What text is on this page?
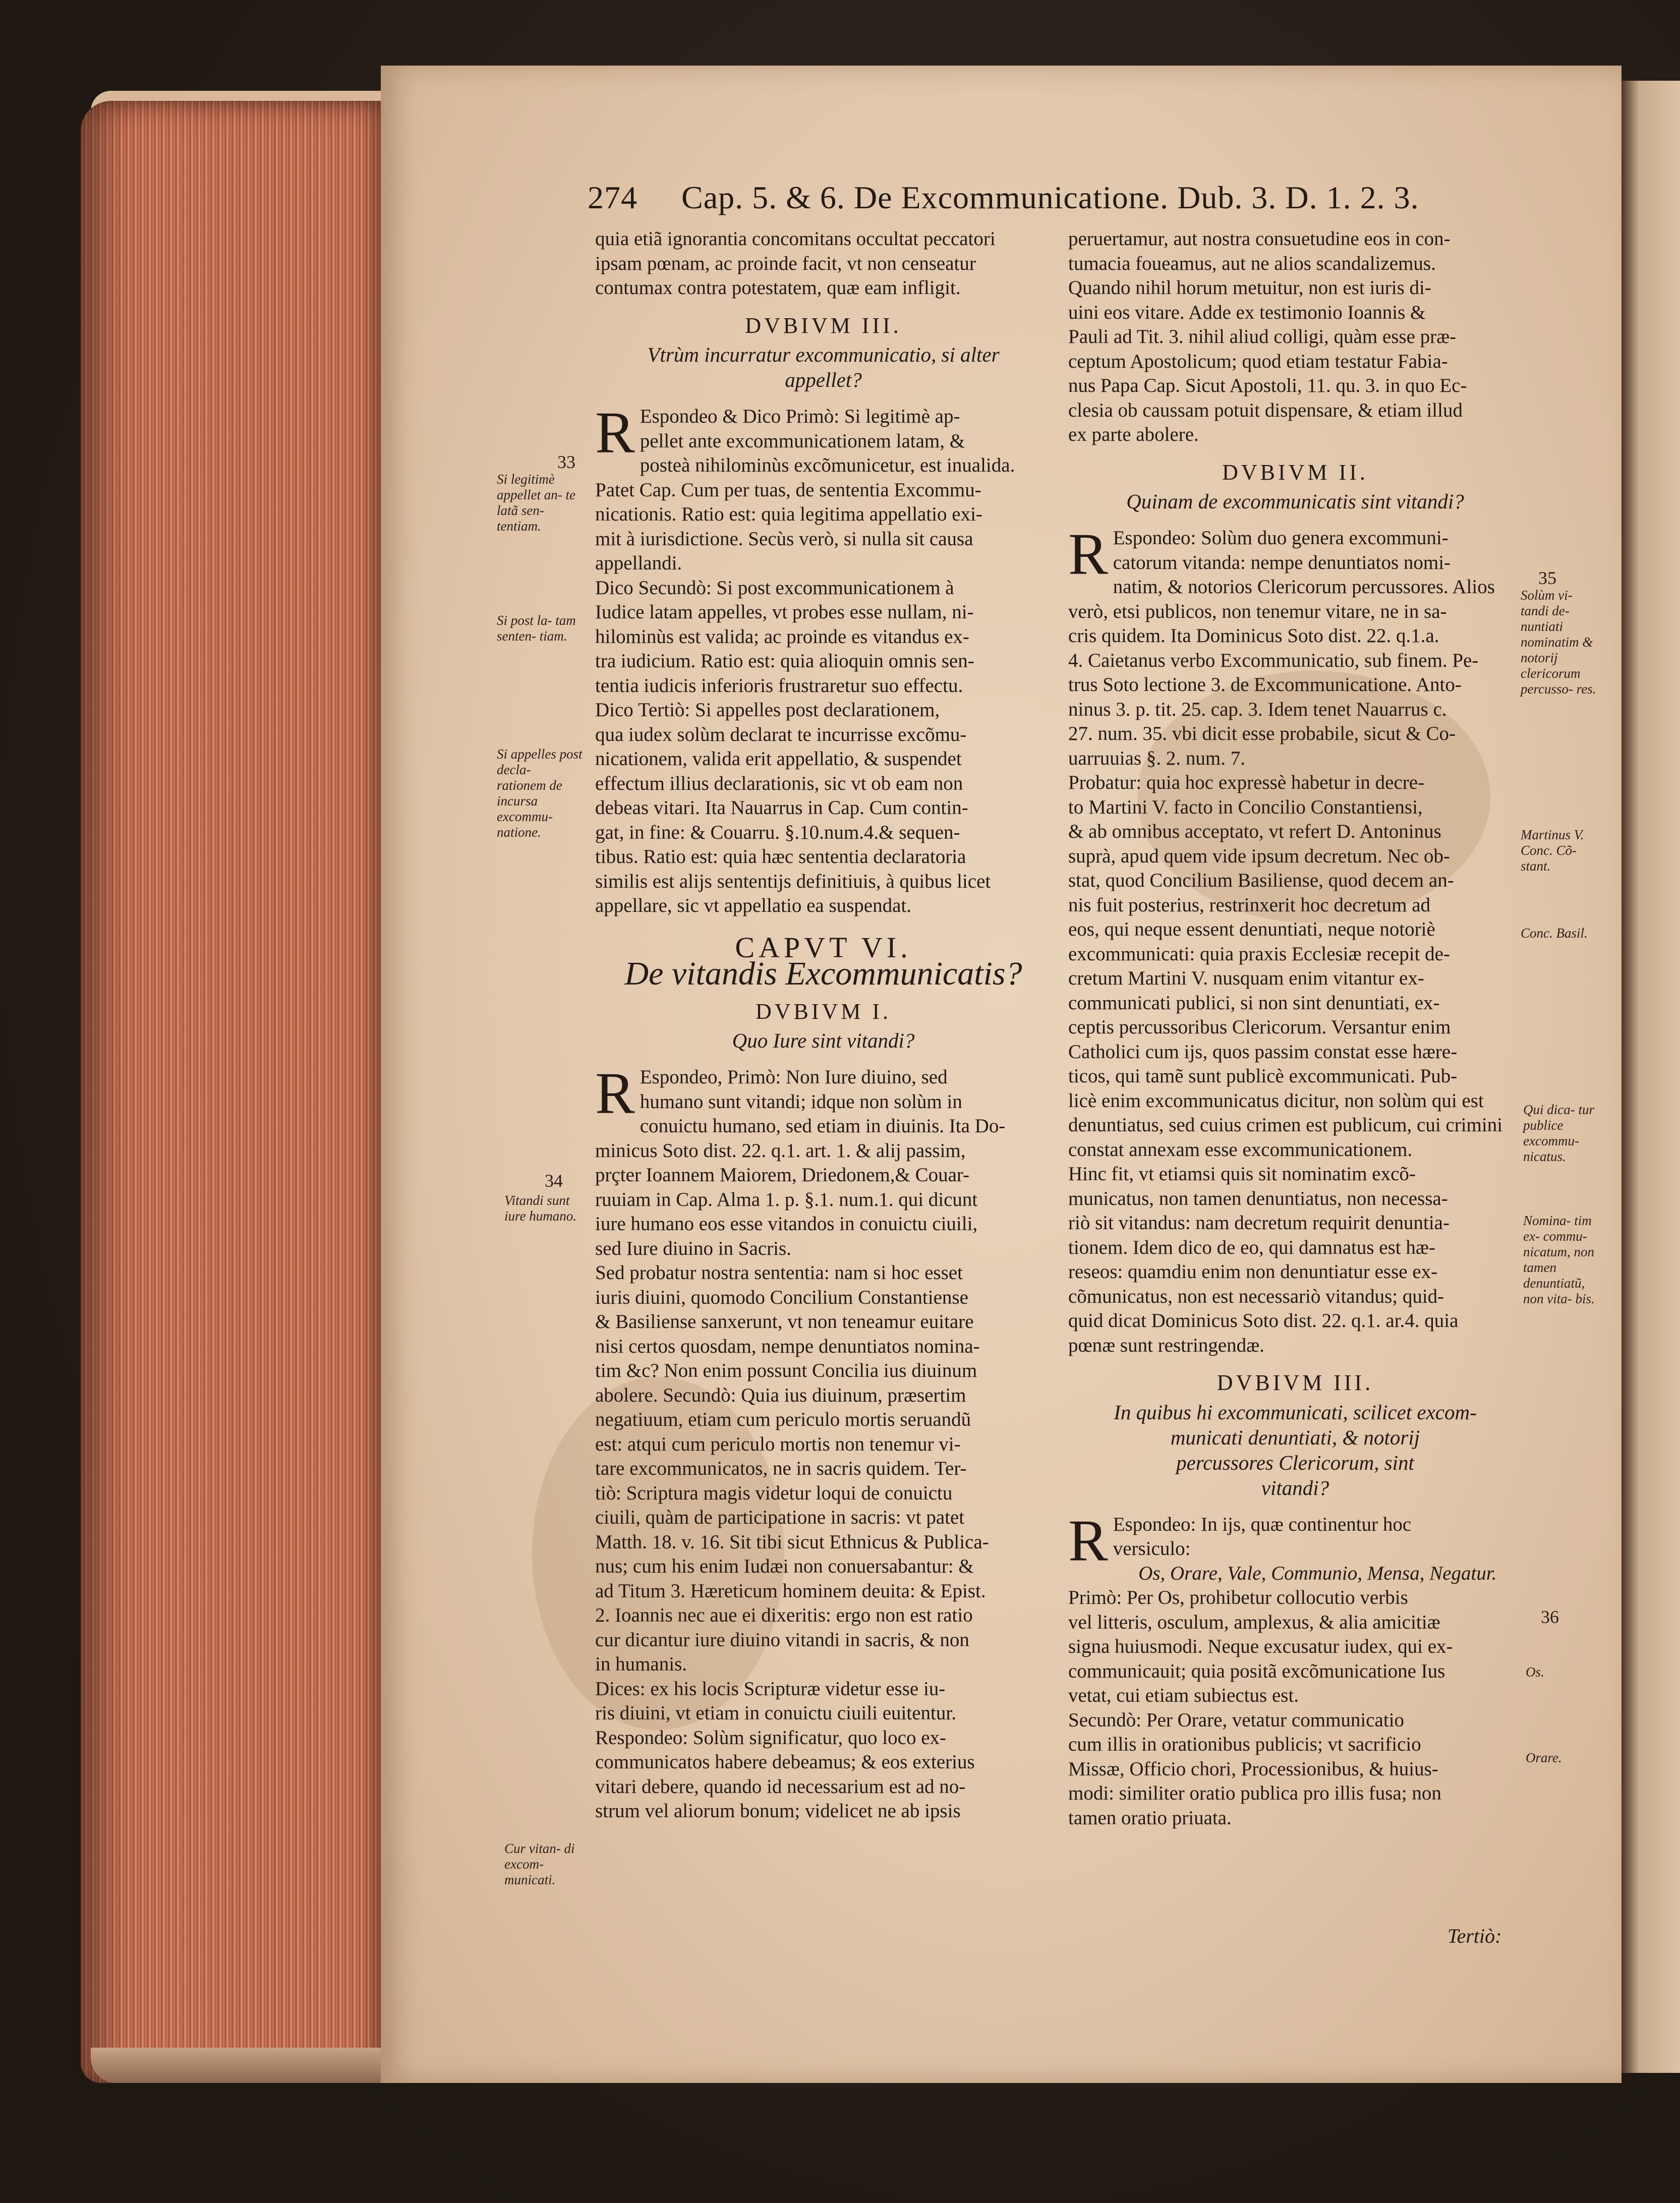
274 Cap. 5. & 6. De Excommunicatione. Dub. 3. D. 1. 2. 3.
quia etiã ignorantia concomitans occultat peccatori
ipsam pœnam, ac proinde facit, vt non censeatur
contumax contra potestatem, quæ eam infligit.
DVBIVM III.
Vtrùm incurratur excommunicatio, si alter
appellet?
R Espondeo & Dico Primò: Si legitimè ap-
pellet ante excommunicationem latam, &
posteà nihilominùs excõmunicetur, est inualida.
Patet Cap. Cum per tuas, de sententia Excommu-
nicationis. Ratio est: quia legitima appellatio exi-
mit à iurisdictione. Secùs verò, si nulla sit causa
appellandi.
Dico Secundò: Si post excommunicationem à
Iudice latam appelles, vt probes esse nullam, ni-
hilominùs est valida; ac proinde es vitandus ex-
tra iudicium. Ratio est: quia alioquin omnis sen-
tentia iudicis inferioris frustraretur suo effectu.
Dico Tertiò: Si appelles post declarationem,
qua iudex solùm declarat te incurrisse excõmu-
nicationem, valida erit appellatio, & suspendet
effectum illius declarationis, sic vt ob eam non
debeas vitari. Ita Nauarrus in Cap. Cum contin-
gat, in fine: & Couarru. §.10.num.4.& sequen-
tibus. Ratio est: quia hæc sententia declaratoria
similis est alijs sententijs definitiuis, à quibus licet
appellare, sic vt appellatio ea suspendat.
CAPVT VI.
De vitandis Excommunicatis?
DVBIVM I.
Quo Iure sint vitandi?
R Espondeo, Primò: Non Iure diuino, sed
humano sunt vitandi; idque non solùm in
conuictu humano, sed etiam in diuinis. Ita Do-
minicus Soto dist. 22. q.1. art. 1. & alij passim,
prçter Ioannem Maiorem, Driedonem,& Couar-
ruuiam in Cap. Alma 1. p. §.1. num.1. qui dicunt
iure humano eos esse vitandos in conuictu ciuili,
sed Iure diuino in Sacris.
Sed probatur nostra sententia: nam si hoc esset
iuris diuini, quomodo Concilium Constantiense
& Basiliense sanxerunt, vt non teneamur euitare
nisi certos quosdam, nempe denuntiatos nomina-
tim &c? Non enim possunt Concilia ius diuinum
abolere. Secundò: Quia ius diuinum, præsertim
negatiuum, etiam cum periculo mortis seruandũ
est: atqui cum periculo mortis non tenemur vi-
tare excommunicatos, ne in sacris quidem. Ter-
tiò: Scriptura magis videtur loqui de conuictu
ciuili, quàm de participatione in sacris: vt patet
Matth. 18. v. 16. Sit tibi sicut Ethnicus & Publica-
nus; cum his enim Iudæi non conuersabantur: &
ad Titum 3. Hæreticum hominem deuita: & Epist.
2. Ioannis nec aue ei dixeritis: ergo non est ratio
cur dicantur iure diuino vitandi in sacris, & non
in humanis.
Dices: ex his locis Scripturæ videtur esse iu-
ris diuini, vt etiam in conuictu ciuili euitentur.
Respondeo: Solùm significatur, quo loco ex-
communicatos habere debeamus; & eos exterius
vitari debere, quando id necessarium est ad no-
strum vel aliorum bonum; videlicet ne ab ipsis
peruertamur, aut nostra consuetudine eos in con-
tumacia foueamus, aut ne alios scandalizemus.
Quando nihil horum metuitur, non est iuris di-
uini eos vitare. Adde ex testimonio Ioannis &
Pauli ad Tit. 3. nihil aliud colligi, quàm esse præ-
ceptum Apostolicum; quod etiam testatur Fabia-
nus Papa Cap. Sicut Apostoli, 11. qu. 3. in quo Ec-
clesia ob caussam potuit dispensare, & etiam illud
ex parte abolere.
DVBIVM II.
Quinam de excommunicatis sint vitandi?
R Espondeo: Solùm duo genera excommuni-
catorum vitanda: nempe denuntiatos nomi-
natim, & notorios Clericorum percussores. Alios
verò, etsi publicos, non tenemur vitare, ne in sa-
cris quidem. Ita Dominicus Soto dist. 22. q.1.a.
4. Caietanus verbo Excommunicatio, sub finem. Pe-
trus Soto lectione 3. de Excommunicatione. Anto-
ninus 3. p. tit. 25. cap. 3. Idem tenet Nauarrus c.
27. num. 35. vbi dicit esse probabile, sicut & Co-
uarruuias §. 2. num. 7.
Probatur: quia hoc expressè habetur in decre-
to Martini V. facto in Concilio Constantiensi,
& ab omnibus acceptato, vt refert D. Antoninus
suprà, apud quem vide ipsum decretum. Nec ob-
stat, quod Concilium Basiliense, quod decem an-
nis fuit posterius, restrinxerit hoc decretum ad
eos, qui neque essent denuntiati, neque notoriè
excommunicati: quia praxis Ecclesiæ recepit de-
cretum Martini V. nusquam enim vitantur ex-
communicati publici, si non sint denuntiati, ex-
ceptis percussoribus Clericorum. Versantur enim
Catholici cum ijs, quos passim constat esse hære-
ticos, qui tamẽ sunt publicè excommunicati. Pub-
licè enim excommunicatus dicitur, non solùm qui est
denuntiatus, sed cuius crimen est publicum, cui crimini
constat annexam esse excommunicationem.
Hinc fit, vt etiamsi quis sit nominatim excõ-
municatus, non tamen denuntiatus, non necessa-
riò sit vitandus: nam decretum requirit denuntia-
tionem. Idem dico de eo, qui damnatus est hæ-
reseos: quamdiu enim non denuntiatur esse ex-
cõmunicatus, non est necessariò vitandus; quid-
quid dicat Dominicus Soto dist. 22. q.1. ar.4. quia
pœnæ sunt restringendæ.
DVBIVM III.
In quibus hi excommunicati, scilicet excom-
municati denuntiati, & notorij
percussores Clericorum, sint
vitandi?
R Espondeo: In ijs, quæ continentur hoc
versiculo:
Os, Orare, Vale, Communio, Mensa, Negatur.
Primò: Per Os, prohibetur collocutio verbis
vel litteris, osculum, amplexus, & alia amicitiæ
signa huiusmodi. Neque excusatur iudex, qui ex-
communicauit; quia positã excõmunicatione Ius
vetat, cui etiam subiectus est.
Secundò: Per Orare, vetatur communicatio
cum illis in orationibus publicis; vt sacrificio
Missæ, Officio chori, Processionibus, & huius-
modi: similiter oratio publica pro illis fusa; non
tamen oratio priuata.
33
Si legitimè appellet an- te latã sen- tentiam.
Si post la- tam senten- tiam.
Si appelles post decla- rationem de incursa excommu- natione.
34
Vitandi sunt iure humano.
Cur vitan- di excom- municati.
35
Solùm vi- tandi de- nuntiati nominatim & notorij clericorum percusso- res.
Martinus V. Conc. Cõ- stant.
Conc. Basil.
Qui dica- tur publice excommu- nicatus.
Nomina- tim ex- commu- nicatum, non tamen denuntiatũ, non vita- bis.
36
Os.
Orare.
Tertiò:
